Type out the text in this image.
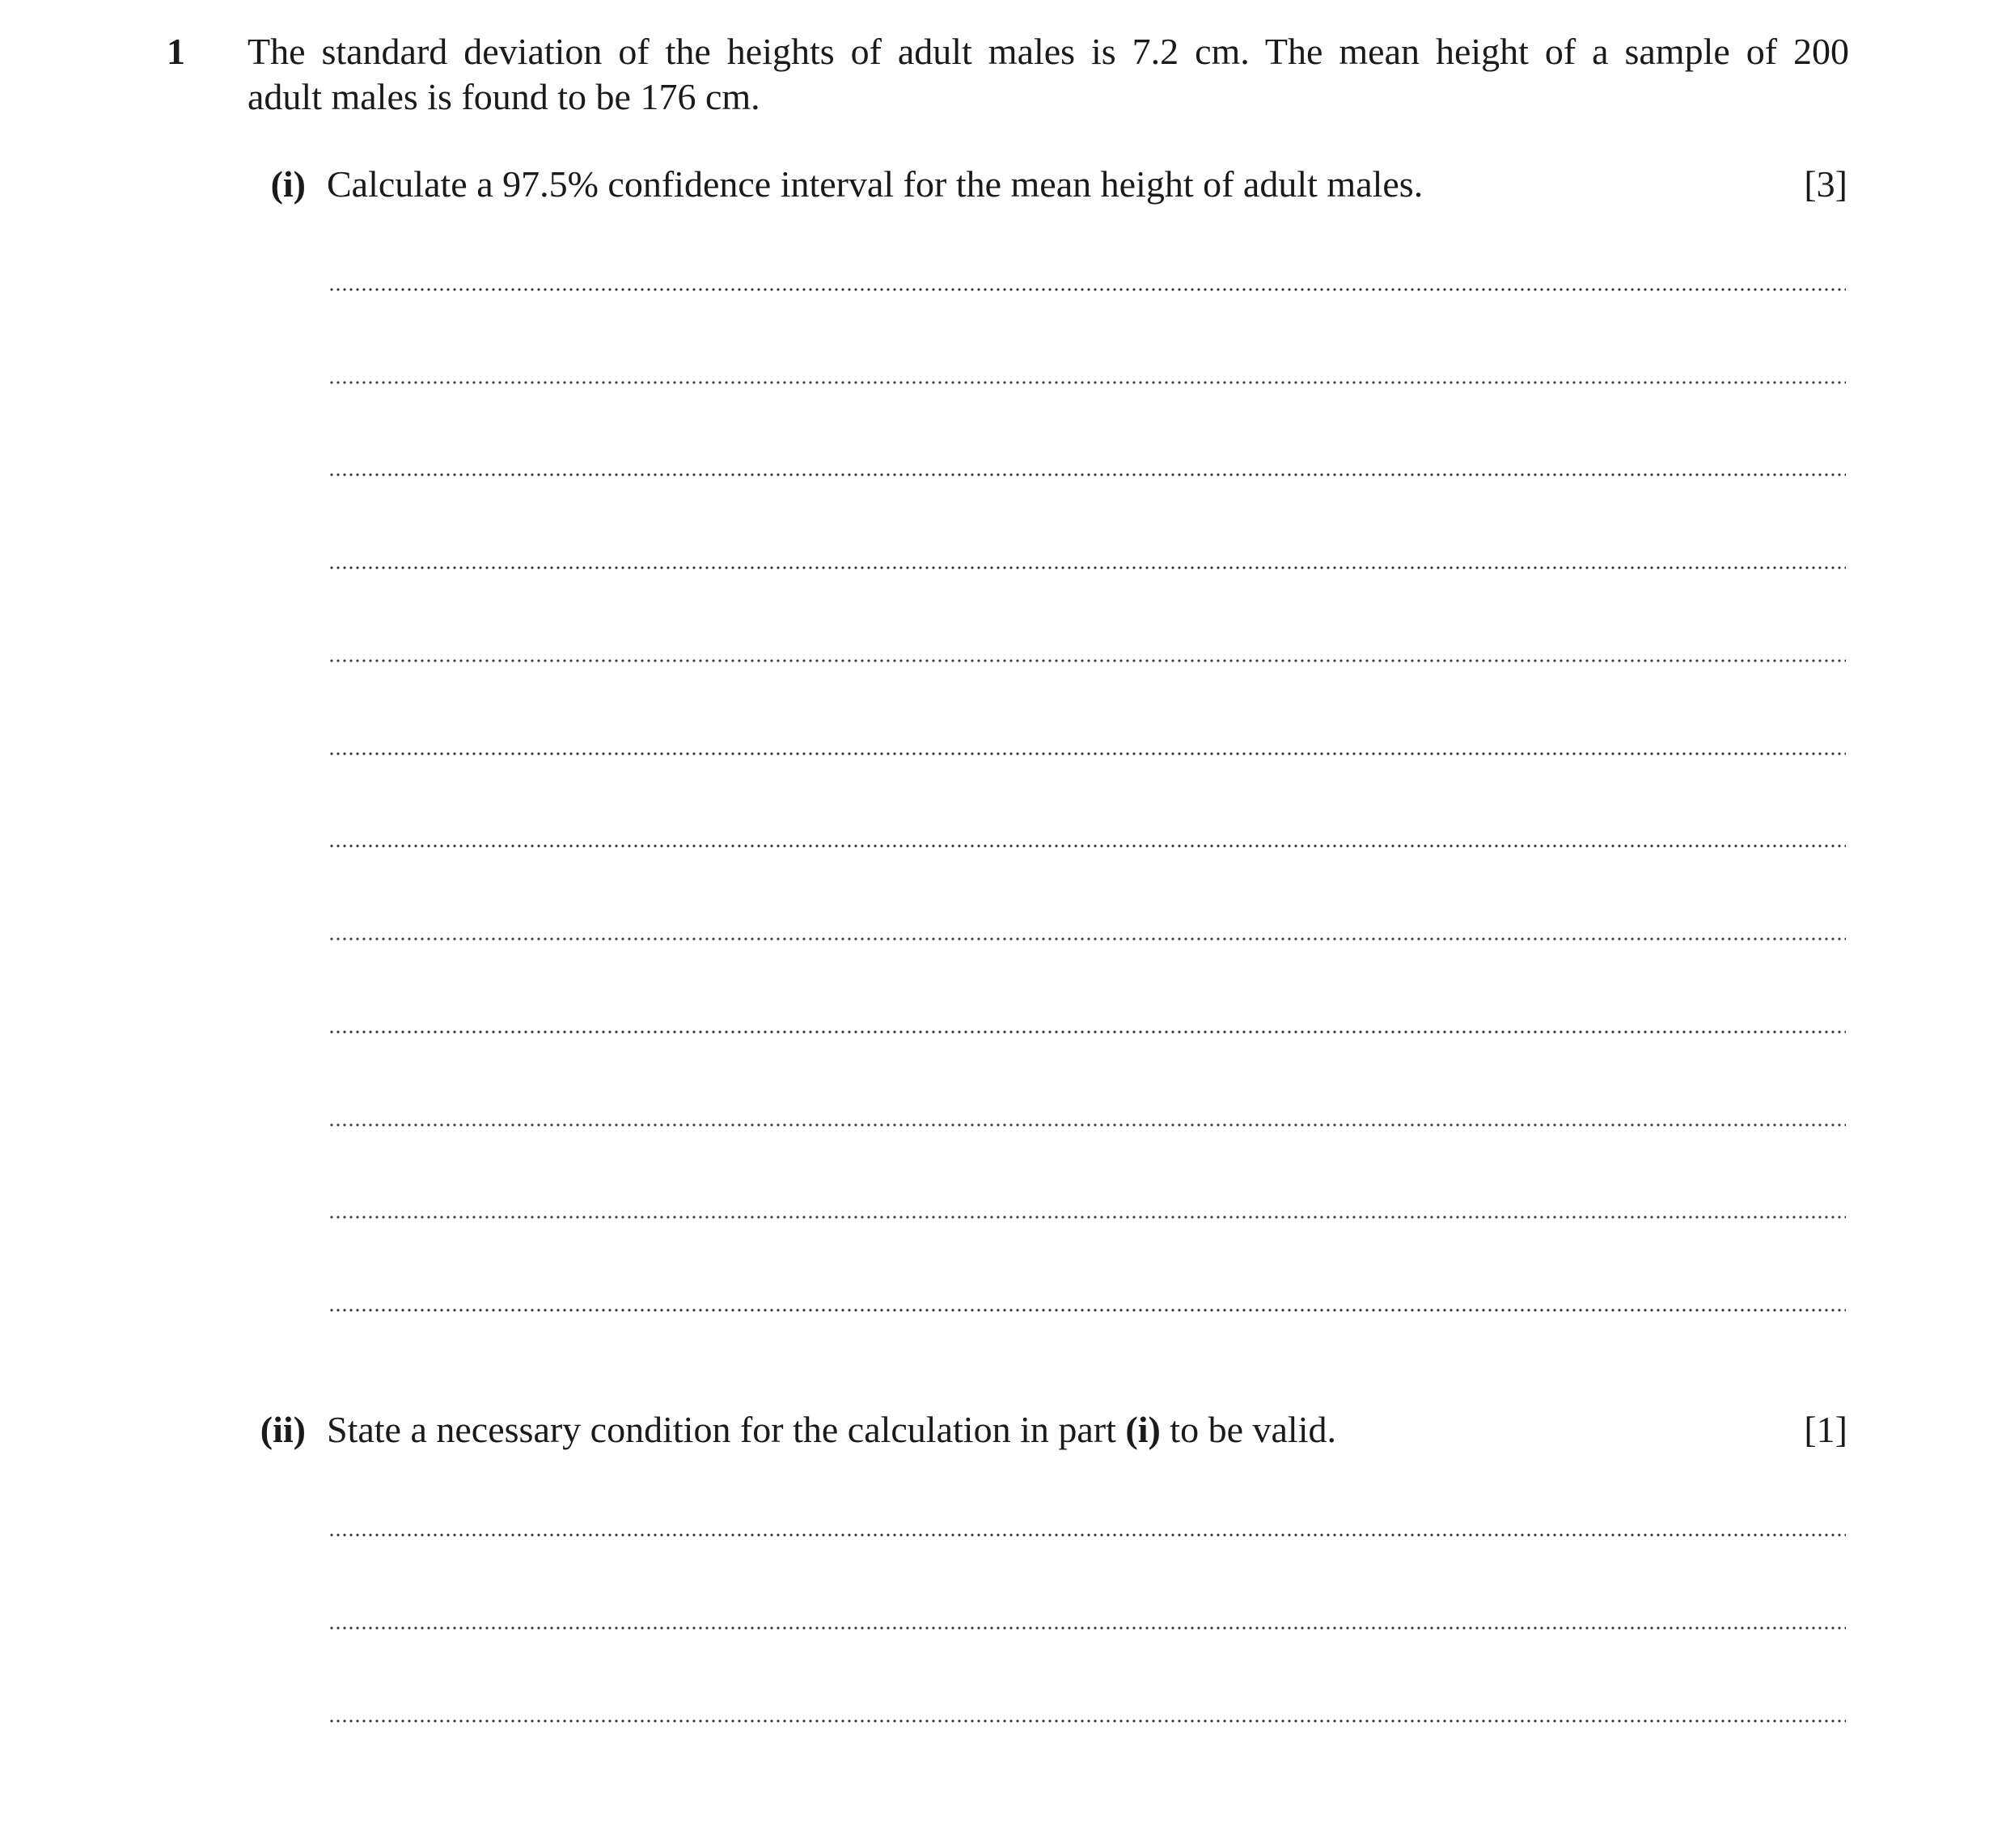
1 The standard deviation of the heights of adult males is 7.2 cm. The mean height of a sample of 200
adult males is found to be 176 cm.
(i) Calculate a 97.5% confidence interval for the mean height of adult males.	[3]
(ii) State a necessary condition for the calculation in part (i) to be valid.	[1]
